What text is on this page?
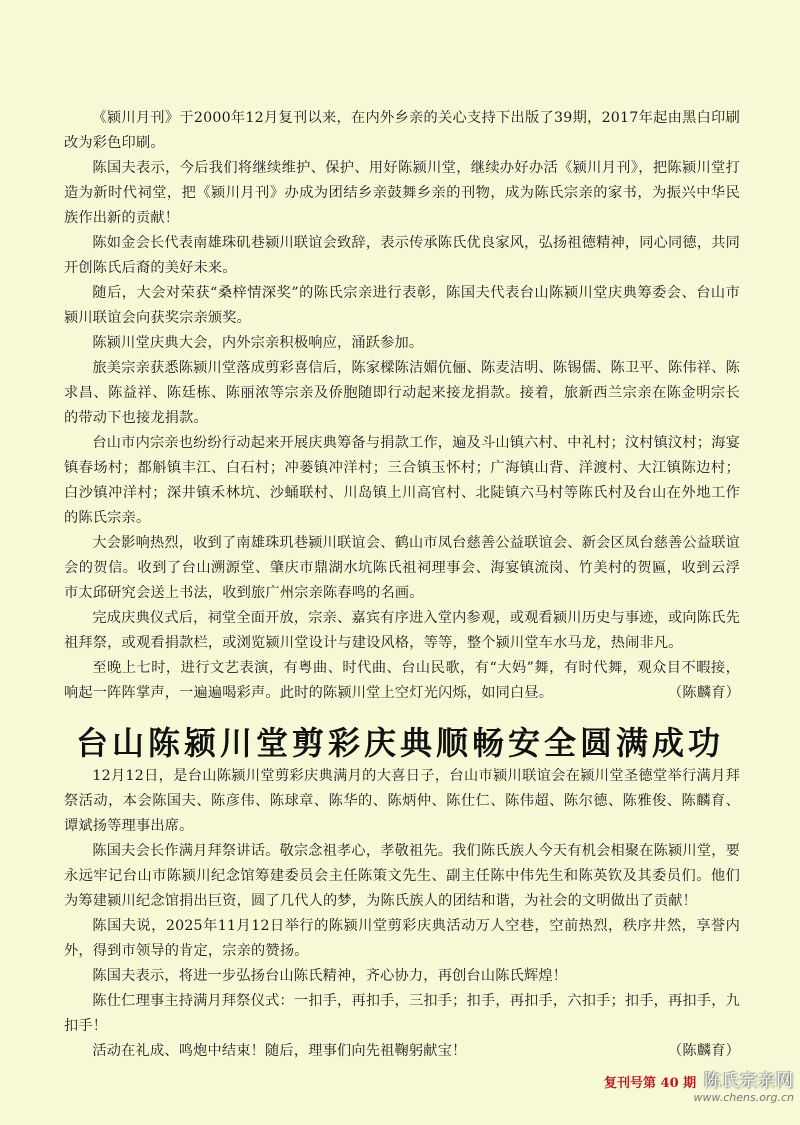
《颍川月刊》于2000年12月复刊以来，在内外乡亲的关心支持下出版了39期，2017年起由黑白印刷改为彩色印刷。

陈国夫表示，今后我们将继续维护、保护、用好陈颍川堂，继续办好办活《颍川月刊》，把陈颍川堂打造为新时代祠堂，把《颍川月刊》办成为团结乡亲鼓舞乡亲的刊物，成为陈氏宗亲的家书，为振兴中华民族作出新的贡献！

陈如金会长代表南雄珠矶巷颍川联谊会致辞，表示传承陈氏优良家风，弘扬祖德精神，同心同德，共同开创陈氏后裔的美好未来。

随后，大会对荣获“桑梓情深奖”的陈氏宗亲进行表彰，陈国夫代表台山陈颍川堂庆典筹委会、台山市颍川联谊会向获奖宗亲颁奖。

陈颍川堂庆典大会，内外宗亲积极响应，涌跃参加。

旅美宗亲获悉陈颍川堂落成剪彩喜信后，陈家樑陈洁媚伉俪、陈麦洁明、陈锡儒、陈卫平、陈伟祥、陈求昌、陈益祥、陈廷栋、陈丽浓等宗亲及侨胞随即行动起来接龙捐款。接着，旅新西兰宗亲在陈金明宗长的带动下也接龙捐款。

台山市内宗亲也纷纷行动起来开展庆典筹备与捐款工作，遍及斗山镇六村、中礼村；汶村镇汶村；海宴镇春场村；都斛镇丰江、白石村；冲蒌镇冲洋村；三合镇玉怀村；广海镇山背、洋渡村、大江镇陈边村；白沙镇冲洋村；深井镇禾林坑、沙蛹联村、川岛镇上川高官村、北陡镇六马村等陈氏村及台山在外地工作的陈氏宗亲。

大会影响热烈，收到了南雄珠玑巷颍川联谊会、鹤山市凤台慈善公益联谊会、新会区凤台慈善公益联谊会的贺信。收到了台山溯源堂、肇庆市鼎湖水坑陈氏祖祠理事会、海宴镇流岗、竹美村的贺匾，收到云浮市太邱研究会送上书法，收到旅广州宗亲陈春鸣的名画。

完成庆典仪式后，祠堂全面开放，宗亲、嘉宾有序进入堂内参观，或观看颍川历史与事迹，或向陈氏先祖拜祭，或观看捐款栏，或浏览颍川堂设计与建设风格，等等，整个颍川堂车水马龙，热闹非凡。

至晚上七时，进行文艺表演，有粤曲、时代曲、台山民歌，有“大妈”舞，有时代舞，观众目不暇接，响起一阵阵掌声，一遍遍喝彩声。此时的陈颍川堂上空灯光闪烁，如同白昼。	（陈麟育）

台山陈颍川堂剪彩庆典顺畅安全圆满成功

12月12日，是台山陈颍川堂剪彩庆典满月的大喜日子，台山市颍川联谊会在颍川堂圣德堂举行满月拜祭活动，本会陈国夫、陈彦伟、陈球章、陈华的、陈炳仲、陈仕仁、陈伟超、陈尔德、陈雅俊、陈麟育、谭斌扬等理事出席。

陈国夫会长作满月拜祭讲话。敬宗念祖孝心，孝敬祖先。我们陈氏族人今天有机会相聚在陈颍川堂，要永远牢记台山市陈颍川纪念馆筹建委员会主任陈策文先生、副主任陈中伟先生和陈英钦及其委员们。他们为筹建颍川纪念馆捐出巨资，圆了几代人的梦，为陈氏族人的团结和谐，为社会的文明做出了贡献！

陈国夫说，2025年11月12日举行的陈颍川堂剪彩庆典活动万人空巷，空前热烈，秩序井然，享誉内外，得到市领导的肯定，宗亲的赞扬。

陈国夫表示，将进一步弘扬台山陈氏精神，齐心协力，再创台山陈氏辉煌！

陈仕仁理事主持满月拜祭仪式：一扣手，再扣手，三扣手；扣手，再扣手，六扣手；扣手，再扣手，九扣手！

活动在礼成、鸣炮中结束！随后，理事们向先祖鞠躬献宝！	（陈麟育）

复刊号第 40 期 陈氏宗亲网
www.chens.org.cn
